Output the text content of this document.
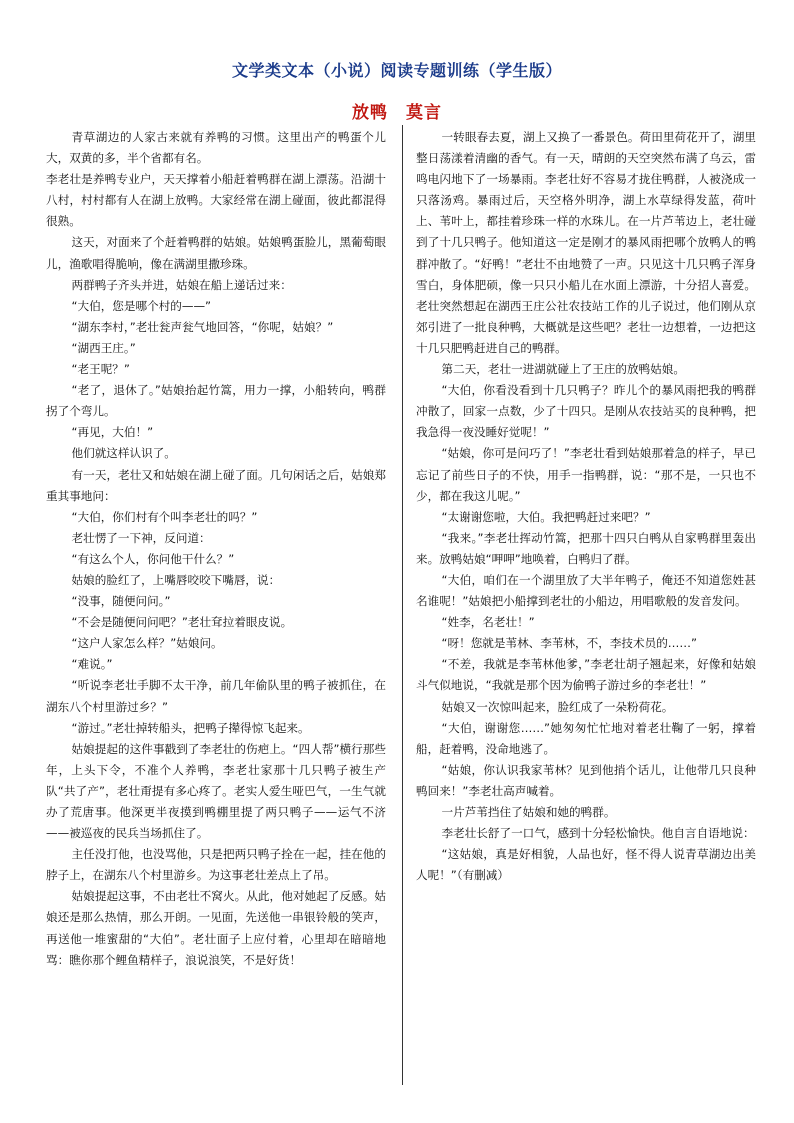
文学类文本（小说）阅读专题训练（学生版）
放鸭　莫言

青草湖边的人家古来就有养鸭的习惯。这里出产的鸭蛋个儿大，双黄的多，半个省都有名。

李老壮是养鸭专业户，天天撑着小船赶着鸭群在湖上漂荡。沿湖十八村，村村都有人在湖上放鸭。大家经常在湖上碰面，彼此都混得很熟。

这天，对面来了个赶着鸭群的姑娘。姑娘鸭蛋脸儿，黑葡萄眼儿，渔歌唱得脆响，像在满湖里撒珍珠。

两群鸭子齐头并进，姑娘在船上递话过来：

“大伯，您是哪个村的——”

“湖东李村，”老壮瓮声瓮气地回答，“你呢，姑娘？”

“湖西王庄。”

“老王呢？”

“老了，退休了。”姑娘抬起竹篙，用力一撑，小船转向，鸭群拐了个弯儿。

“再见，大伯！”

他们就这样认识了。

有一天，老壮又和姑娘在湖上碰了面。几句闲话之后，姑娘郑重其事地问：

“大伯，你们村有个叫李老壮的吗？”

老壮愣了一下神，反问道：

“有这么个人，你问他干什么？”

姑娘的脸红了，上嘴唇咬咬下嘴唇，说：

“没事，随便问问。”

“不会是随便问问吧？”老壮耷拉着眼皮说。

“这户人家怎么样？”姑娘问。

“难说。”

“听说李老壮手脚不太干净，前几年偷队里的鸭子被抓住，在湖东八个村里游过乡？”

“游过。”老壮掉转船头，把鸭子撵得惊飞起来。

姑娘提起的这件事戳到了李老壮的伤疤上。“四人帮”横行那些年，上头下令，不准个人养鸭，李老壮家那十几只鸭子被生产队“共了产”，老壮甭提有多心疼了。老实人爱生哑巴气，一生气就办了荒唐事。他深更半夜摸到鸭棚里提了两只鸭子——运气不济——被巡夜的民兵当场抓住了。

主任没打他，也没骂他，只是把两只鸭子拴在一起，挂在他的脖子上，在湖东八个村里游乡。为这事老壮差点上了吊。

姑娘提起这事，不由老壮不窝火。从此，他对她起了反感。姑娘还是那么热情，那么开朗。一见面，先送他一串银铃般的笑声，再送他一堆蜜甜的“大伯”。老壮面子上应付着，心里却在暗暗地骂：瞧你那个鲤鱼精样子，浪说浪笑，不是好货！

一转眼春去夏，湖上又换了一番景色。荷田里荷花开了，湖里整日荡漾着清幽的香气。有一天，晴朗的天空突然布满了乌云，雷鸣电闪地下了一场暴雨。李老壮好不容易才拢住鸭群，人被浇成一只落汤鸡。暴雨过后，天空格外明净，湖上水草绿得发蓝，荷叶上、苇叶上，都挂着珍珠一样的水珠儿。在一片芦苇边上，老壮碰到了十几只鸭子。他知道这一定是刚才的暴风雨把哪个放鸭人的鸭群冲散了。“好鸭！”老壮不由地赞了一声。只见这十几只鸭子浑身雪白，身体肥硕，像一只只小船儿在水面上漂游，十分招人喜爱。老壮突然想起在湖西王庄公社农技站工作的儿子说过，他们刚从京郊引进了一批良种鸭，大概就是这些吧？老壮一边想着，一边把这十几只肥鸭赶进自己的鸭群。

第二天，老壮一进湖就碰上了王庄的放鸭姑娘。

“大伯，你看没看到十几只鸭子？昨儿个的暴风雨把我的鸭群冲散了，回家一点数，少了十四只。是刚从农技站买的良种鸭，把我急得一夜没睡好觉呢！”

“姑娘，你可是问巧了！”李老壮看到姑娘那着急的样子，早已忘记了前些日子的不快，用手一指鸭群，说：“那不是，一只也不少，都在我这儿呢。”

“太谢谢您啦，大伯。我把鸭赶过来吧？”

“我来。”李老壮挥动竹篙，把那十四只白鸭从自家鸭群里轰出来。放鸭姑娘“呷呷”地唤着，白鸭归了群。

“大伯，咱们在一个湖里放了大半年鸭子，俺还不知道您姓甚名谁呢！”姑娘把小船撑到老壮的小船边，用唱歌般的发音发问。

“姓李，名老壮！”

“呀！您就是苇林、李苇林，不，李技术员的……”

“不差，我就是李苇林他爹，”李老壮胡子翘起来，好像和姑娘斗气似地说，“我就是那个因为偷鸭子游过乡的李老壮！”

姑娘又一次惊叫起来，脸红成了一朵粉荷花。

“大伯，谢谢您……”她匆匆忙忙地对着老壮鞠了一躬，撑着船，赶着鸭，没命地逃了。

“姑娘，你认识我家苇林？见到他捎个话儿，让他带几只良种鸭回来！”李老壮高声喊着。

一片芦苇挡住了姑娘和她的鸭群。

李老壮长舒了一口气，感到十分轻松愉快。他自言自语地说：

“这姑娘，真是好相貌，人品也好，怪不得人说青草湖边出美人呢！”（有删减）
